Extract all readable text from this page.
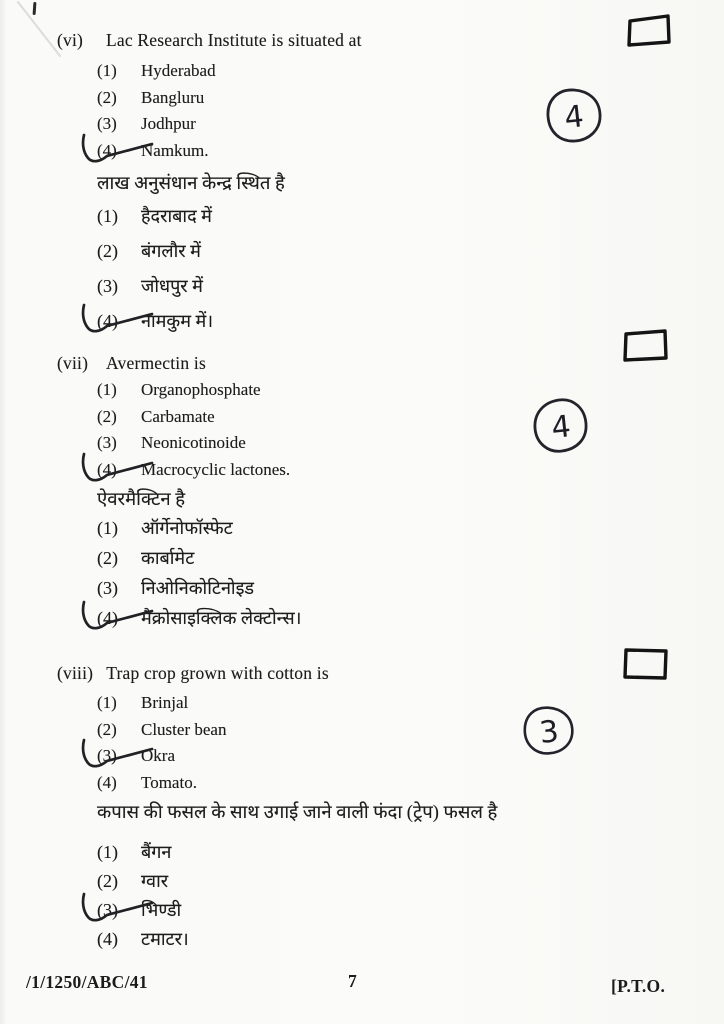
(vi)	Lac Research Institute is situated at
(1)	Hyderabad
(2)	Bangluru
(3)	Jodhpur
(4)	Namkum.
लाख अनुसंधान केन्द्र स्थित है
(1)	हैदराबाद में
(2)	बंगलौर में
(3)	जोधपुर में
(4)	नामकुम में।
(vii) Avermectin is
(1)	Organophosphate
(2)	Carbamate
(3)	Neonicotinoide
(4)	Macrocyclic lactones.
ऐवरमैक्टिन है
(1)	ऑर्गेनोफॉस्फेट
(2)	कार्बामेट
(3)	निओनिकोटिनोइड
(4)	मैक्रोसाइक्लिक लेक्टोन्स।
(viii) Trap crop grown with cotton is
(1)	Brinjal
(2)	Cluster bean
(3)	Okra
(4)	Tomato.
कपास की फसल के साथ उगाई जाने वाली फंदा (ट्रेप) फसल है
(1)	बैंगन
(2)	ग्वार
(3)	भिण्डी
(4)	टमाटर।
4
4
3
/1/1250/ABC/41	7	[P.T.O.
